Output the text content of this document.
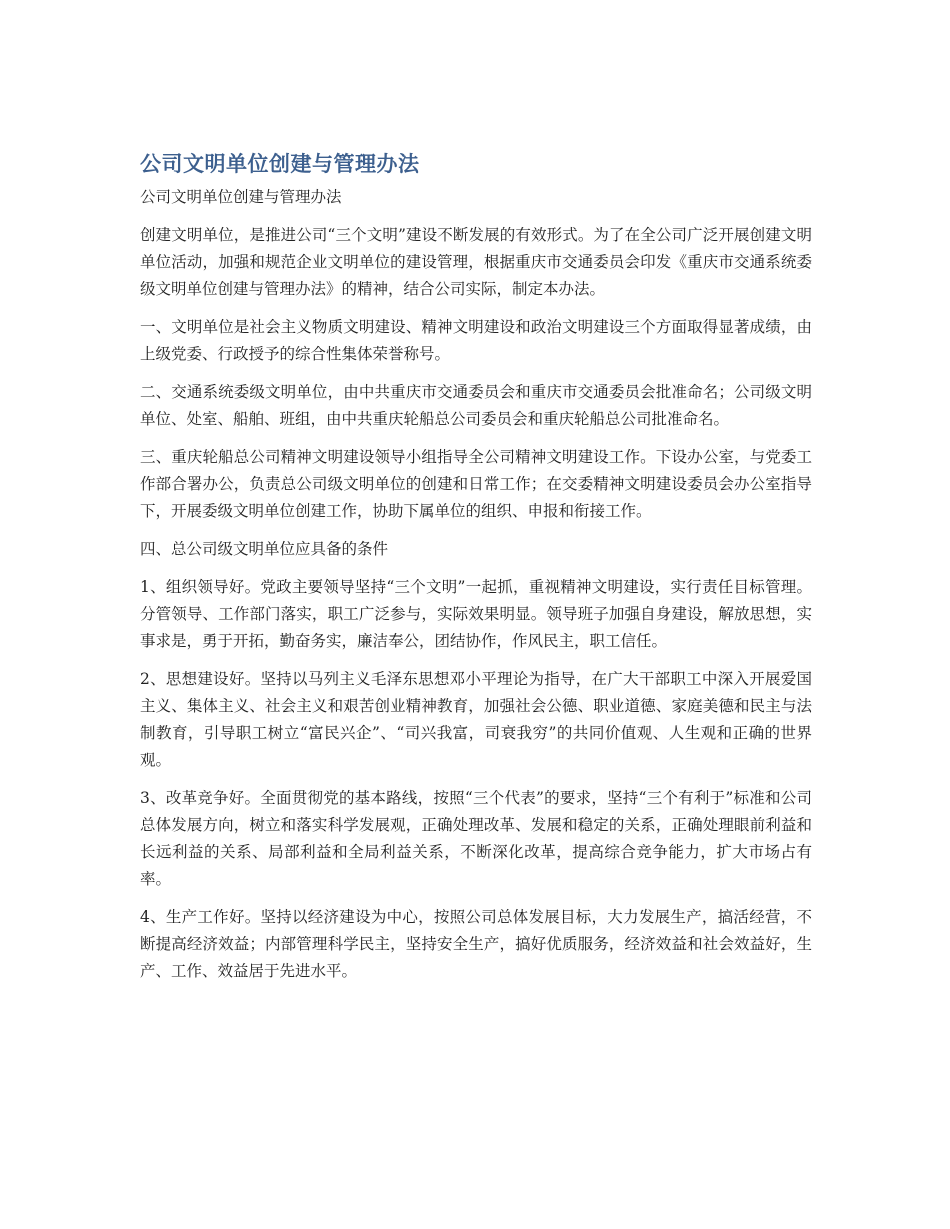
公司文明单位创建与管理办法

公司文明单位创建与管理办法

创建文明单位，是推进公司“三个文明”建设不断发展的有效形式。为了在全公司广泛开展创建文明单位活动，加强和规范企业文明单位的建设管理，根据重庆市交通委员会印发《重庆市交通系统委级文明单位创建与管理办法》的精神，结合公司实际，制定本办法。

一、文明单位是社会主义物质文明建设、精神文明建设和政治文明建设三个方面取得显著成绩，由上级党委、行政授予的综合性集体荣誉称号。

二、交通系统委级文明单位，由中共重庆市交通委员会和重庆市交通委员会批准命名；公司级文明单位、处室、船舶、班组，由中共重庆轮船总公司委员会和重庆轮船总公司批准命名。

三、重庆轮船总公司精神文明建设领导小组指导全公司精神文明建设工作。下设办公室，与党委工作部合署办公，负责总公司级文明单位的创建和日常工作；在交委精神文明建设委员会办公室指导下，开展委级文明单位创建工作，协助下属单位的组织、申报和衔接工作。

四、总公司级文明单位应具备的条件

1、组织领导好。党政主要领导坚持“三个文明”一起抓，重视精神文明建设，实行责任目标管理。分管领导、工作部门落实，职工广泛参与，实际效果明显。领导班子加强自身建设，解放思想，实事求是，勇于开拓，勤奋务实，廉洁奉公，团结协作，作风民主，职工信任。

2、思想建设好。坚持以马列主义毛泽东思想邓小平理论为指导，在广大干部职工中深入开展爱国主义、集体主义、社会主义和艰苦创业精神教育，加强社会公德、职业道德、家庭美德和民主与法制教育，引导职工树立“富民兴企”、“司兴我富，司衰我穷”的共同价值观、人生观和正确的世界观。

3、改革竞争好。全面贯彻党的基本路线，按照“三个代表”的要求，坚持“三个有利于”标准和公司总体发展方向，树立和落实科学发展观，正确处理改革、发展和稳定的关系，正确处理眼前利益和长远利益的关系、局部利益和全局利益关系，不断深化改革，提高综合竞争能力，扩大市场占有率。

4、生产工作好。坚持以经济建设为中心，按照公司总体发展目标，大力发展生产，搞活经营，不断提高经济效益；内部管理科学民主，坚持安全生产，搞好优质服务，经济效益和社会效益好，生产、工作、效益居于先进水平。
